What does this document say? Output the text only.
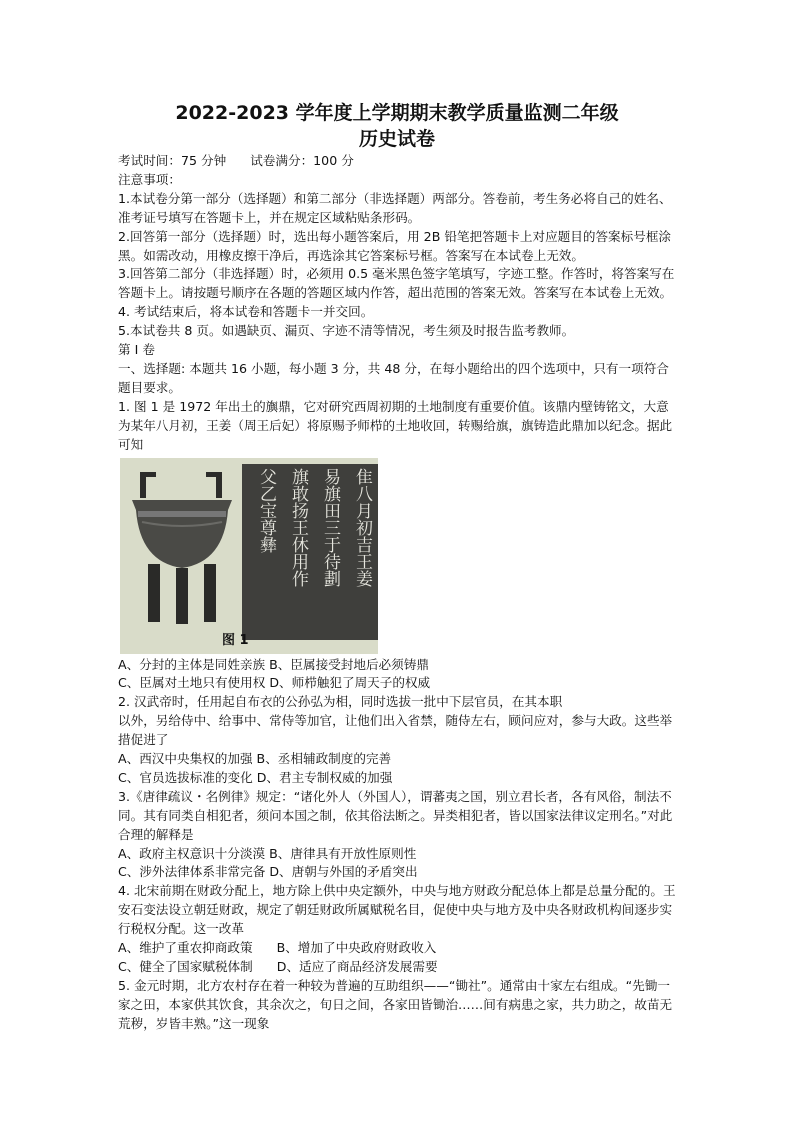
2022-2023 学年度上学期期末教学质量监测二年级
历史试卷

考试时间：75 分钟      试卷满分：100 分

注意事项：

1.本试卷分第一部分（选择题）和第二部分（非选择题）两部分。答卷前，考生务必将自己的姓名、准考证号填写在答题卡上，并在规定区域粘贴条形码。

2.回答第一部分（选择题）时，选出每小题答案后，用 2B 铅笔把答题卡上对应题目的答案标号框涂黑。如需改动，用橡皮擦干净后，再选涂其它答案标号框。答案写在本试卷上无效。

3.回答第二部分（非选择题）时，必须用 0.5 毫米黑色签字笔填写，字迹工整。作答时，将答案写在答题卡上。请按题号顺序在各题的答题区域内作答，超出范围的答案无效。答案写在本试卷上无效。

4. 考试结束后，将本试卷和答题卡一并交回。

5.本试卷共 8 页。如遇缺页、漏页、字迹不清等情况，考生须及时报告监考教师。

第 I 卷

一、选择题: 本题共 16 小题，每小题 3 分，共 48 分，在每小题给出的四个选项中，只有一项符合题目要求。

1. 图 1 是 1972 年出土的旟鼎，它对研究西周初期的土地制度有重要价值。该鼎内壁铸铭文，大意为某年八月初，王姜（周王后妃）将原赐予师栉的土地收回，转赐给旗，旗铸造此鼎加以纪念。据此可知

隹八月初吉王姜
易旗田三于待劃
旗敢扬王休用作
父乙宝尊彝
图 1

A、分封的主体是同姓亲族 B、臣属接受封地后必须铸鼎

C、臣属对土地只有使用权 D、师栉触犯了周天子的权威

2. 汉武帝时，任用起自布衣的公孙弘为相，同时选拔一批中下层官员，在其本职

以外，另给侍中、给事中、常侍等加官，让他们出入省禁，随侍左右，顾问应对，参与大政。这些举措促进了

A、西汉中央集权的加强 B、丞相辅政制度的完善

C、官员选拔标准的变化 D、君主专制权威的加强

3.《唐律疏议・名例律》规定：“诸化外人（外国人），谓蕃夷之国，别立君长者，各有风俗，制法不同。其有同类自相犯者，须问本国之制，依其俗法断之。异类相犯者，皆以国家法律议定刑名。”对此合理的解释是

A、政府主权意识十分淡漠 B、唐律具有开放性原则性

C、涉外法律体系非常完备 D、唐朝与外国的矛盾突出

4. 北宋前期在财政分配上，地方除上供中央定额外，中央与地方财政分配总体上都是总量分配的。王安石变法设立朝廷财政，规定了朝廷财政所属赋税名目，促使中央与地方及中央各财政机构间逐步实行税权分配。这一改革

A、维护了重农抑商政策      B、增加了中央政府财政收入

C、健全了国家赋税体制      D、适应了商品经济发展需要

5. 金元时期，北方农村存在着一种较为普遍的互助组织——“锄社”。通常由十家左右组成。“先锄一家之田，本家供其饮食，其余次之，旬日之间，各家田皆锄治……间有病患之家，共力助之，故苗无荒秽，岁皆丰熟。”这一现象
